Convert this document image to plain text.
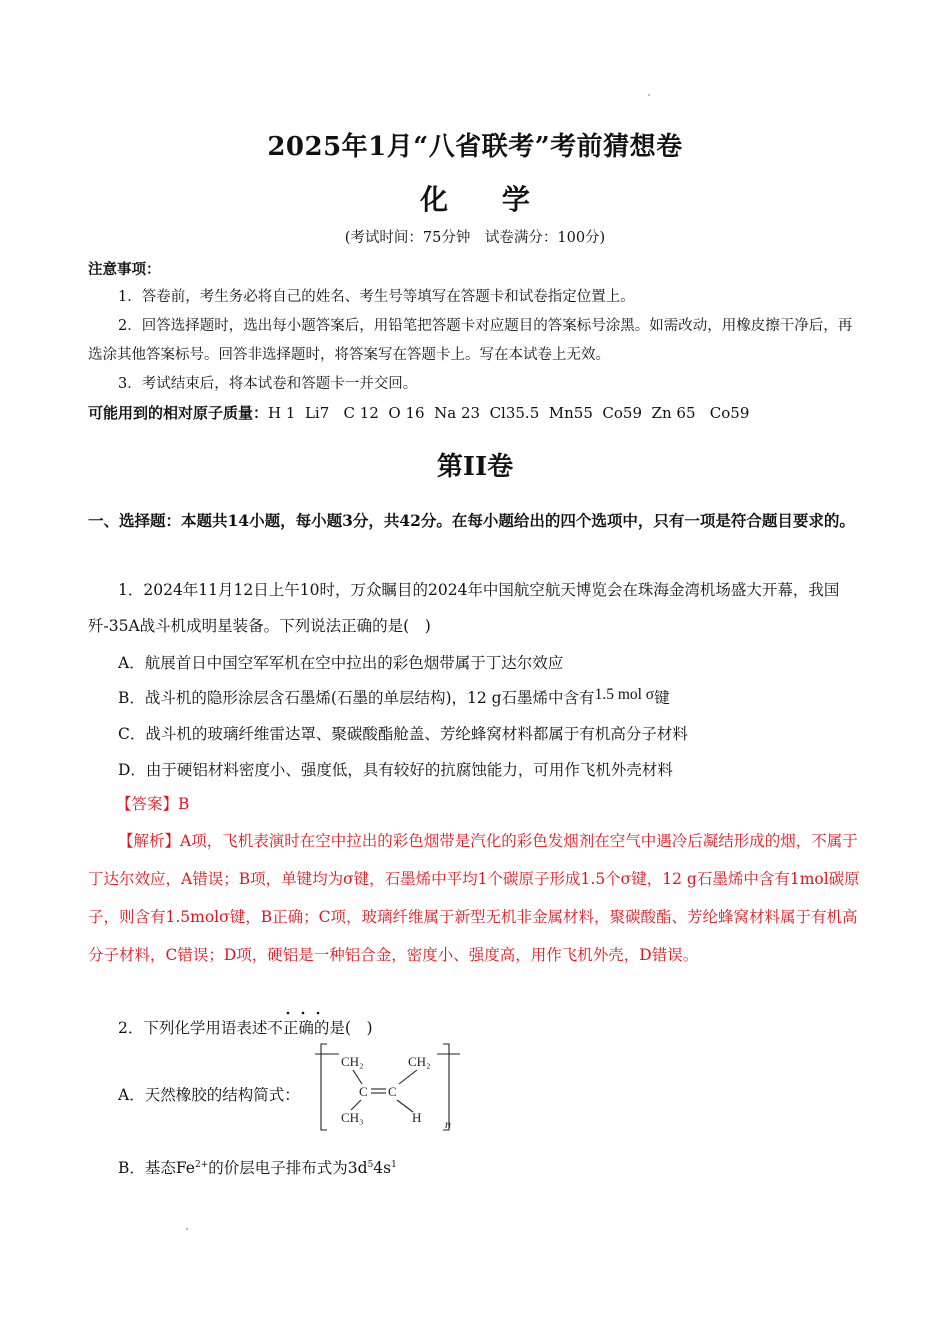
2025年1月“八省联考”考前猜想卷
化 学
(考试时间：75分钟　试卷满分：100分)
注意事项：
1．答卷前，考生务必将自己的姓名、考生号等填写在答题卡和试卷指定位置上。
2．回答选择题时，选出每小题答案后，用铅笔把答题卡对应题目的答案标号涂黑。如需改动，用橡皮擦干净后，再选涂其他答案标号。回答非选择题时，将答案写在答题卡上。写在本试卷上无效。
3．考试结束后，将本试卷和答题卡一并交回。
可能用到的相对原子质量：H 1  Li7   C 12  O 16  Na 23  Cl35.5  Mn55  Co59  Zn 65   Co59
第II卷
一、选择题：本题共14小题，每小题3分，共42分。在每小题给出的四个选项中，只有一项是符合题目要求的。
1．2024年11月12日上午10时，万众瞩目的2024年中国航空航天博览会在珠海金湾机场盛大开幕，我国歼-35A战斗机成明星装备。下列说法正确的是(　)
A．航展首日中国空军军机在空中拉出的彩色烟带属于丁达尔效应
B．战斗机的隐形涂层含石墨烯(石墨的单层结构)，12 g石墨烯中含有1.5 mol σ键
C．战斗机的玻璃纤维雷达罩、聚碳酸酯舱盖、芳纶蜂窝材料都属于有机高分子材料
D．由于硬铝材料密度小、强度低，具有较好的抗腐蚀能力，可用作飞机外壳材料
【答案】B
【解析】A项，飞机表演时在空中拉出的彩色烟带是汽化的彩色发烟剂在空气中遇冷后凝结形成的烟，不属于丁达尔效应，A错误；B项，单键均为σ键，石墨烯中平均1个碳原子形成1.5个σ键，12 g石墨烯中含有1mol碳原子，则含有1.5molσ键，B正确；C项，玻璃纤维属于新型无机非金属材料，聚碳酸酯、芳纶蜂窝材料属于有机高分子材料，C错误；D项，硬铝是一种铝合金，密度小、强度高，用作飞机外壳，D错误。
2．下列化学用语表述不正确的是(　)
A．天然橡胶的结构简式：
CH₂	CH₂
C C
CH₃	H n
B．基态$Fe^{2+}$的价层电子排布式为$3d^54s^1$
